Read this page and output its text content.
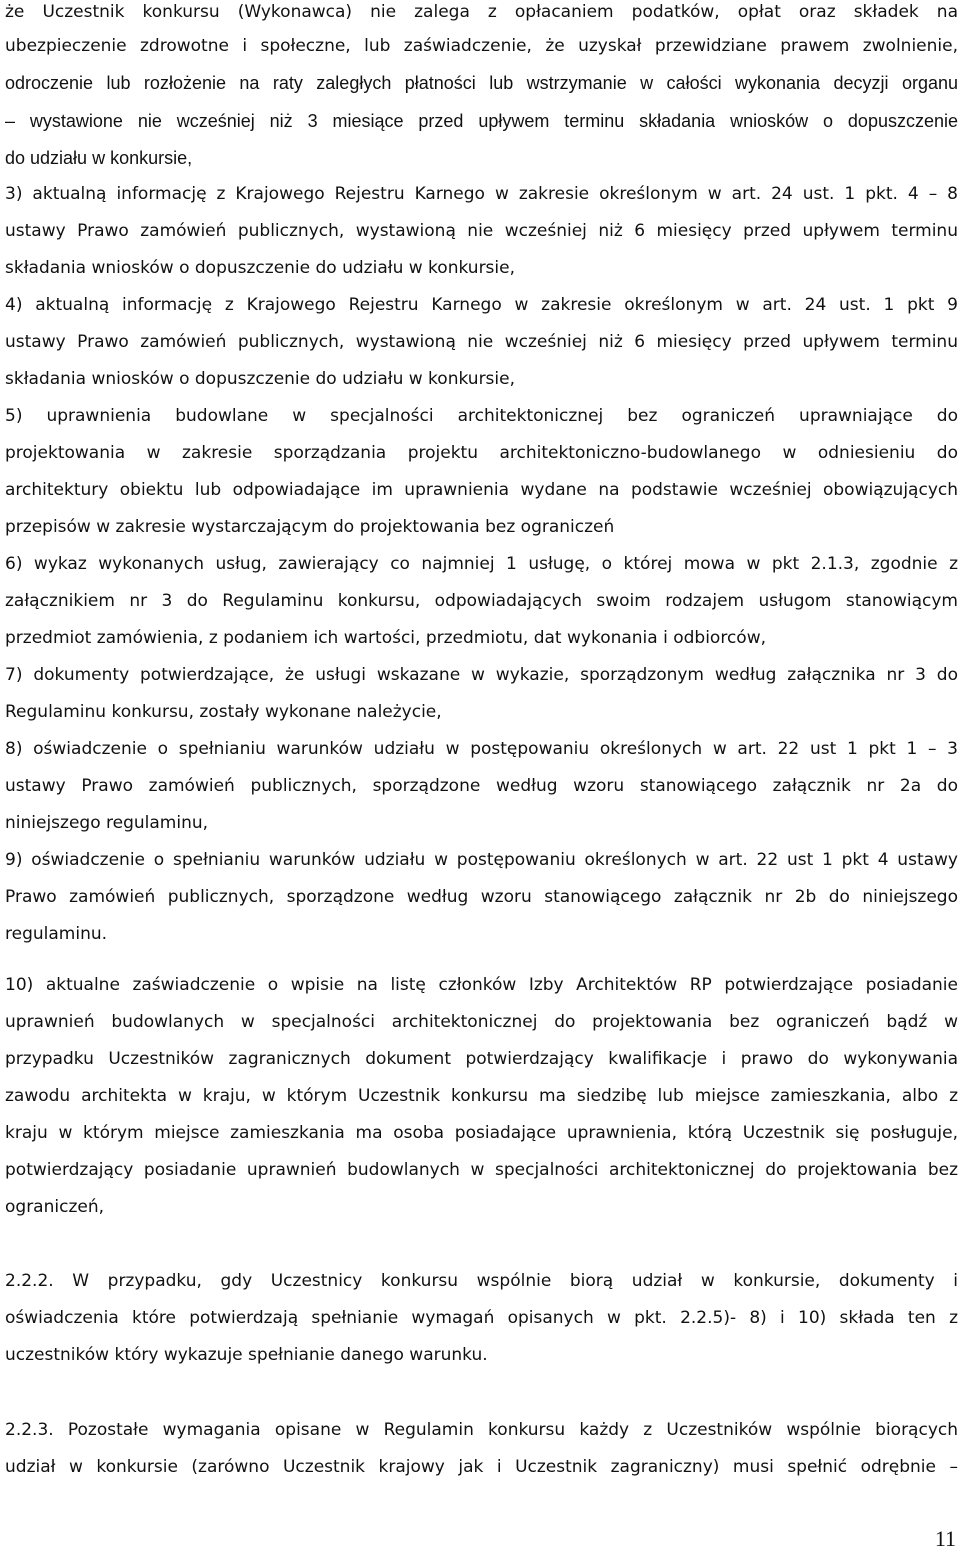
że Uczestnik konkursu (Wykonawca) nie zalega z opłacaniem podatków, opłat oraz składek na
ubezpieczenie zdrowotne i społeczne, lub zaświadczenie, że uzyskał przewidziane prawem zwolnienie,
odroczenie lub rozłożenie na raty zaległych płatności lub wstrzymanie w całości wykonania decyzji organu
– wystawione nie wcześniej niż 3 miesiące przed upływem terminu składania wniosków o dopuszczenie
do udziału w konkursie,
3) aktualną informację z Krajowego Rejestru Karnego w zakresie określonym w art. 24 ust. 1 pkt. 4 – 8
ustawy Prawo zamówień publicznych, wystawioną nie wcześniej niż 6 miesięcy przed upływem terminu
składania wniosków o dopuszczenie do udziału w konkursie,
4) aktualną informację z Krajowego Rejestru Karnego w zakresie określonym w art. 24 ust. 1 pkt 9
ustawy Prawo zamówień publicznych, wystawioną nie wcześniej niż 6 miesięcy przed upływem terminu
składania wniosków o dopuszczenie do udziału w konkursie,
5) uprawnienia budowlane w specjalności architektonicznej bez ograniczeń uprawniające do
projektowania w zakresie sporządzania projektu architektoniczno-budowlanego w odniesieniu do
architektury obiektu lub odpowiadające im uprawnienia wydane na podstawie wcześniej obowiązujących
przepisów w zakresie wystarczającym do projektowania bez ograniczeń
6) wykaz wykonanych usług, zawierający co najmniej 1 usługę, o której mowa w pkt 2.1.3, zgodnie z
załącznikiem nr 3 do Regulaminu konkursu, odpowiadających swoim rodzajem usługom stanowiącym
przedmiot zamówienia, z podaniem ich wartości, przedmiotu, dat wykonania i odbiorców,
7) dokumenty potwierdzające, że usługi wskazane w wykazie, sporządzonym według załącznika nr 3 do
Regulaminu konkursu, zostały wykonane należycie,
8) oświadczenie o spełnianiu warunków udziału w postępowaniu określonych w art. 22 ust 1 pkt 1 – 3
ustawy Prawo zamówień publicznych, sporządzone według wzoru stanowiącego załącznik nr 2a do
niniejszego regulaminu,
9) oświadczenie o spełnianiu warunków udziału w postępowaniu określonych w art. 22 ust 1 pkt 4 ustawy
Prawo zamówień publicznych, sporządzone według wzoru stanowiącego załącznik nr 2b do niniejszego
regulaminu.
10) aktualne zaświadczenie o wpisie na listę członków Izby Architektów RP potwierdzające posiadanie
uprawnień budowlanych w specjalności architektonicznej do projektowania bez ograniczeń bądź w
przypadku Uczestników zagranicznych dokument potwierdzający kwalifikacje i prawo do wykonywania
zawodu architekta w kraju, w którym Uczestnik konkursu ma siedzibę lub miejsce zamieszkania, albo z
kraju w którym miejsce zamieszkania ma osoba posiadające uprawnienia, którą Uczestnik się posługuje,
potwierdzający posiadanie uprawnień budowlanych w specjalności architektonicznej do projektowania bez
ograniczeń,
2.2.2. W przypadku, gdy Uczestnicy konkursu wspólnie biorą udział w konkursie, dokumenty i
oświadczenia które potwierdzają spełnianie wymagań opisanych w pkt. 2.2.5)- 8) i 10) składa ten z
uczestników który wykazuje spełnianie danego warunku.
2.2.3. Pozostałe wymagania opisane w Regulamin konkursu każdy z Uczestników wspólnie biorących
udział w konkursie (zarówno Uczestnik krajowy jak i Uczestnik zagraniczny) musi spełnić odrębnie –
11
